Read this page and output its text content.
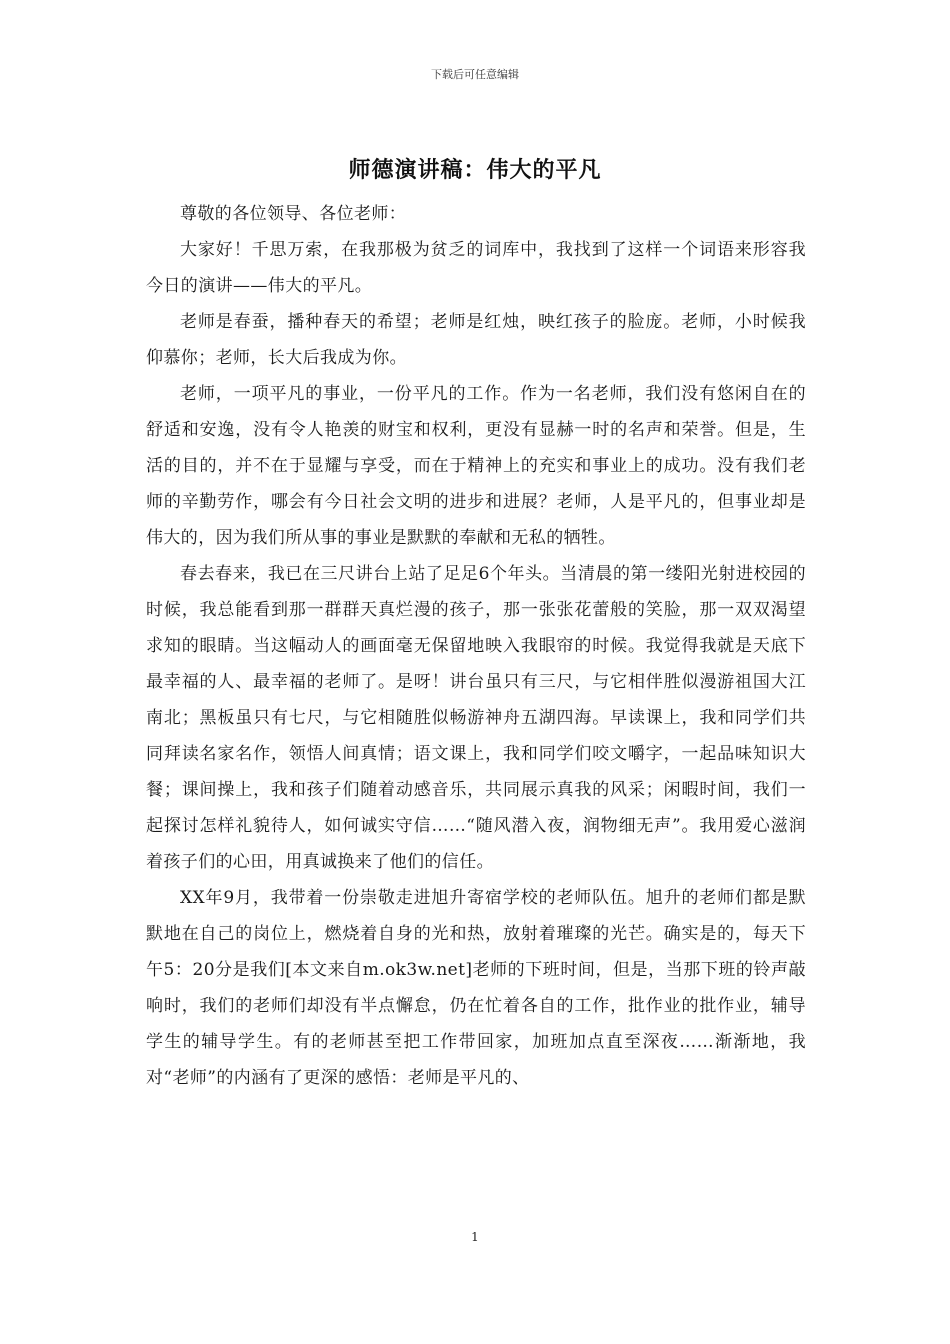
下载后可任意编辑
师德演讲稿：伟大的平凡

尊敬的各位领导、各位老师：

大家好！千思万索，在我那极为贫乏的词库中，我找到了这样一个词语来形容我今日的演讲——伟大的平凡。

老师是春蚕，播种春天的希望；老师是红烛，映红孩子的脸庞。老师，小时候我仰慕你；老师，长大后我成为你。

老师，一项平凡的事业，一份平凡的工作。作为一名老师，我们没有悠闲自在的舒适和安逸，没有令人艳羡的财宝和权利，更没有显赫一时的名声和荣誉。但是，生活的目的，并不在于显耀与享受，而在于精神上的充实和事业上的成功。没有我们老师的辛勤劳作，哪会有今日社会文明的进步和进展？老师，人是平凡的，但事业却是伟大的，因为我们所从事的事业是默默的奉献和无私的牺牲。

春去春来，我已在三尺讲台上站了足足6个年头。当清晨的第一缕阳光射进校园的时候，我总能看到那一群群天真烂漫的孩子，那一张张花蕾般的笑脸，那一双双渴望求知的眼睛。当这幅动人的画面毫无保留地映入我眼帘的时候。我觉得我就是天底下最幸福的人、最幸福的老师了。是呀！讲台虽只有三尺，与它相伴胜似漫游祖国大江南北；黑板虽只有七尺，与它相随胜似畅游神舟五湖四海。早读课上，我和同学们共同拜读名家名作，领悟人间真情；语文课上，我和同学们咬文嚼字，一起品味知识大餐；课间操上，我和孩子们随着动感音乐，共同展示真我的风采；闲暇时间，我们一起探讨怎样礼貌待人，如何诚实守信……“随风潜入夜，润物细无声”。我用爱心滋润着孩子们的心田，用真诚换来了他们的信任。

XX年9月，我带着一份崇敬走进旭升寄宿学校的老师队伍。旭升的老师们都是默默地在自己的岗位上，燃烧着自身的光和热，放射着璀璨的光芒。确实是的，每天下午5：20分是我们[本文来自m.ok3w.net]老师的下班时间，但是，当那下班的铃声敲响时，我们的老师们却没有半点懈怠，仍在忙着各自的工作，批作业的批作业，辅导学生的辅导学生。有的老师甚至把工作带回家，加班加点直至深夜……渐渐地，我对“老师”的内涵有了更深的感悟：老师是平凡的、

1
